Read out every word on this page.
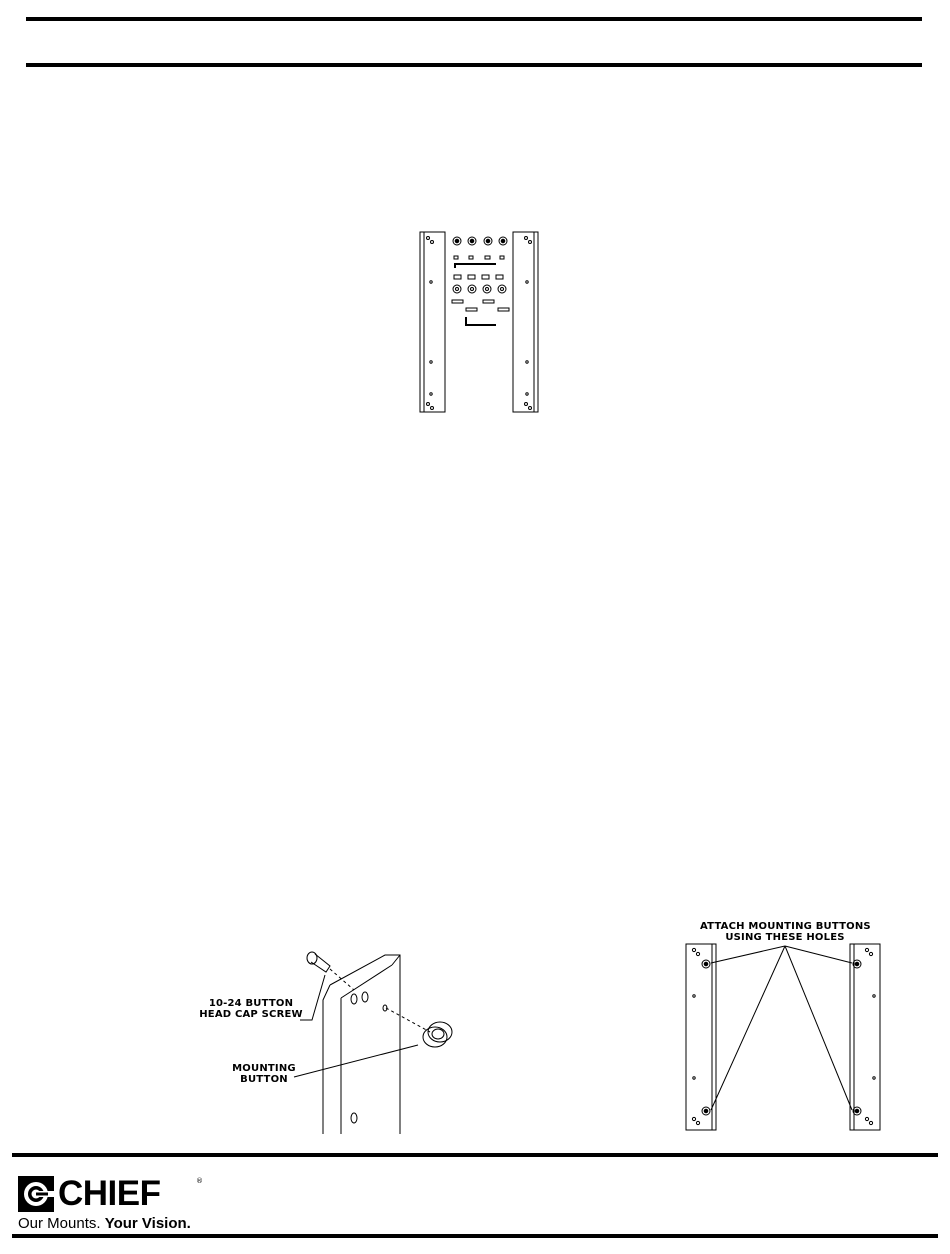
10-24 BUTTON
HEAD CAP SCREW
MOUNTING
BUTTON
ATTACH MOUNTING BUTTONS
USING THESE HOLES
CHIEF	®
Our Mounts. Your Vision.
